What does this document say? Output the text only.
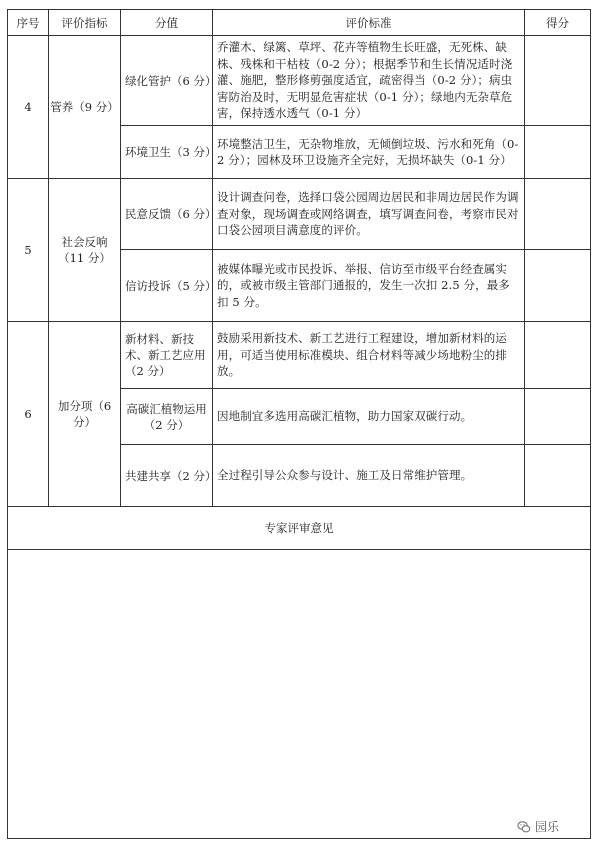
序号	评价指标	分值	评价标准	得分
4	管养（9 分）	绿化管护（6 分）	乔灌木、绿篱、草坪、花卉等植物生长旺盛，无死株、缺株、残株和干枯枝（0-2 分）；根据季节和生长情况适时浇灌、施肥，整形修剪强度适宜，疏密得当（0-2 分）；病虫害防治及时，无明显危害症状（0-1 分）；绿地内无杂草危害，保持透水透气（0-1 分）	
		环境卫生（3 分）	环境整洁卫生，无杂物堆放，无倾倒垃圾、污水和死角（0-2 分）；园林及环卫设施齐全完好，无损坏缺失（0-1 分）	
5	社会反响（11 分）	民意反馈（6 分）	设计调查问卷，选择口袋公园周边居民和非周边居民作为调查对象，现场调查或网络调查，填写调查问卷，考察市民对口袋公园项目满意度的评价。	
		信访投诉（5 分）	被媒体曝光或市民投诉、举报、信访至市级平台经查属实的，或被市级主管部门通报的，发生一次扣 2.5 分，最多扣 5 分。	
6	加分项（6 分）	新材料、新技术、新工艺应用（2 分）	鼓励采用新技术、新工艺进行工程建设，增加新材料的运用，可适当使用标准模块、组合材料等减少场地粉尘的排放。	
		高碳汇植物运用（2 分）	因地制宜多选用高碳汇植物，助力国家双碳行动。	
		共建共享（2 分）	全过程引导公众参与设计、施工及日常维护管理。	
专家评审意见				

园乐
